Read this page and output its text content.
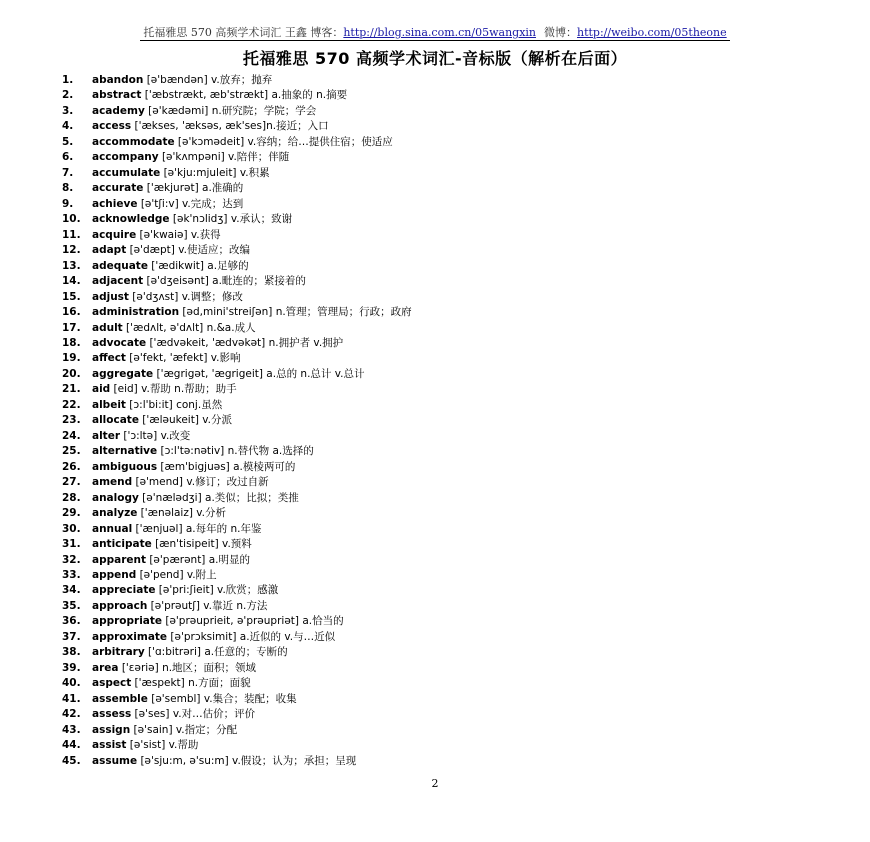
托福雅思 570 高频学术词汇 王鑫 博客：http://blog.sina.com.cn/05wangxin 微博：http://weibo.com/05theone
托福雅思 570 高频学术词汇-音标版（解析在后面）
1. abandon [ə'bændən] v.放弃；抛弃
2. abstract ['æbstrækt, æb'strækt] a.抽象的 n.摘要
3. academy [ə'kædəmi] n.研究院；学院；学会
4. access ['ækses, 'æksəs, æk'ses]n.接近；入口
5. accommodate [ə'kɔmədeit] v.容纳；给…提供住宿；使适应
6. accompany [ə'kʌmpəni] v.陪伴；伴随
7. accumulate [ə'kju:mjuleit] v.积累
8. accurate ['ækjurət] a.准确的
9. achieve [ə'tʃi:v] v.完成；达到
10. acknowledge [ək'nɔlidʒ] v.承认；致谢
11. acquire [ə'kwaiə] v.获得
12. adapt [ə'dæpt] v.使适应；改编
13. adequate ['ædikwit] a.足够的
14. adjacent [ə'dʒeisənt] a.毗连的；紧接着的
15. adjust [ə'dʒʌst] v.调整；修改
16. administration [əd,mini'streiʃən] n.管理；管理局；行政；政府
17. adult ['ædʌlt, ə'dʌlt] n.&a.成人
18. advocate ['ædvəkeit, 'ædvəkət] n.拥护者 v.拥护
19. affect [ə'fekt, 'æfekt] v.影响
20. aggregate ['ægrigət, 'ægrigeit] a.总的 n.总计 v.总计
21. aid [eid] v.帮助 n.帮助；助手
22. albeit [ɔ:l'bi:it] conj.虽然
23. allocate ['æləukeit] v.分派
24. alter ['ɔ:ltə] v.改变
25. alternative [ɔ:l'tə:nətiv] n.替代物 a.选择的
26. ambiguous [æm'bigjuəs] a.模棱两可的
27. amend [ə'mend] v.修订；改过自新
28. analogy [ə'nælədʒi] a.类似；比拟；类推
29. analyze ['ænəlaiz] v.分析
30. annual ['ænjuəl] a.每年的 n.年鉴
31. anticipate [æn'tisipeit] v.预料
32. apparent [ə'pærənt] a.明显的
33. append [ə'pend] v.附上
34. appreciate [ə'pri:ʃieit] v.欣赏；感激
35. approach [ə'prəutʃ] v.靠近 n.方法
36. appropriate [ə'prəuprieit, ə'prəupriət] a.恰当的
37. approximate [ə'prɔksimit] a.近似的 v.与…近似
38. arbitrary ['ɑ:bitrəri] a.任意的；专断的
39. area ['ɛəriə] n.地区；面积；领域
40. aspect ['æspekt] n.方面；面貌
41. assemble [ə'sembl] v.集合；装配；收集
42. assess [ə'ses] v.对…估价；评价
43. assign [ə'sain] v.指定；分配
44. assist [ə'sist] v.帮助
45. assume [ə'sju:m, ə'su:m] v.假设；认为；承担；呈现
2
